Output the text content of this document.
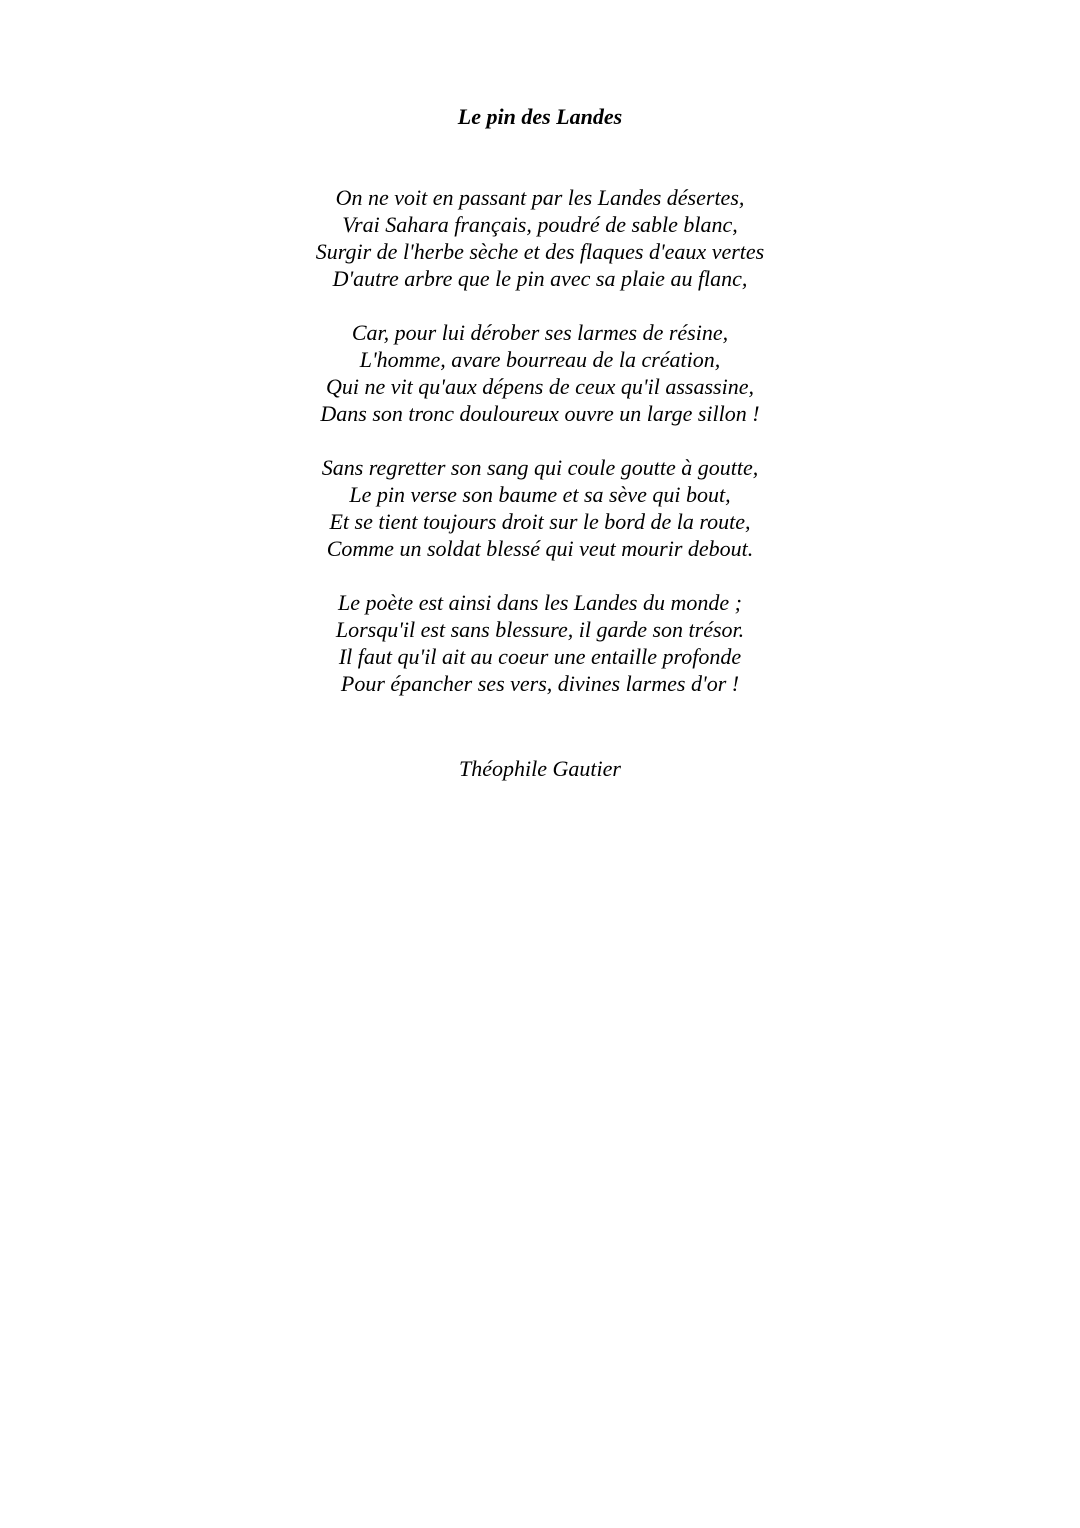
Le pin des Landes
On ne voit en passant par les Landes désertes,
Vrai Sahara français, poudré de sable blanc,
Surgir de l'herbe sèche et des flaques d'eaux vertes
D'autre arbre que le pin avec sa plaie au flanc,
Car, pour lui dérober ses larmes de résine,
L'homme, avare bourreau de la création,
Qui ne vit qu'aux dépens de ceux qu'il assassine,
Dans son tronc douloureux ouvre un large sillon !
Sans regretter son sang qui coule goutte à goutte,
Le pin verse son baume et sa sève qui bout,
Et se tient toujours droit sur le bord de la route,
Comme un soldat blessé qui veut mourir debout.
Le poète est ainsi dans les Landes du monde ;
Lorsqu'il est sans blessure, il garde son trésor.
Il faut qu'il ait au coeur une entaille profonde
Pour épancher ses vers, divines larmes d'or !
Théophile Gautier
